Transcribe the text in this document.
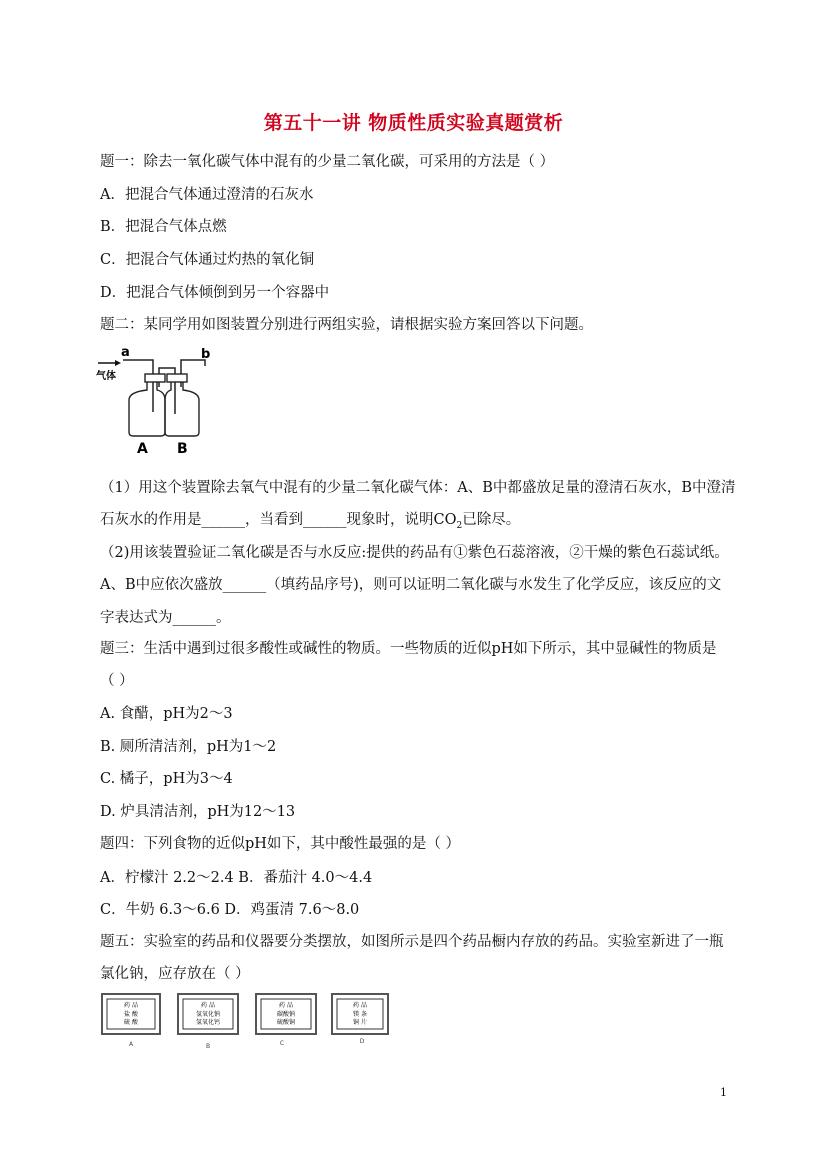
第五十一讲 物质性质实验真题赏析
题一：除去一氧化碳气体中混有的少量二氧化碳，可采用的方法是（ ）
A．把混合气体通过澄清的石灰水
B．把混合气体点燃
C．把混合气体通过灼热的氧化铜
D．把混合气体倾倒到另一个容器中
题二：某同学用如图装置分别进行两组实验，请根据实验方案回答以下问题。
气体
a	b
A B
（1）用这个装置除去氧气中混有的少量二氧化碳气体：A、B中都盛放足量的澄清石灰水，B中澄清
石灰水的作用是______，当看到______现象时，说明$CO_2$已除尽。
（2)用该装置验证二氧化碳是否与水反应:提供的药品有①紫色石蕊溶液，②干燥的紫色石蕊试纸。
A、B中应依次盛放______（填药品序号)，则可以证明二氧化碳与水发生了化学反应，该反应的文
字表达式为______。
题三：生活中遇到过很多酸性或碱性的物质。一些物质的近似pH如下所示，其中显碱性的物质是
（ ）
A. 食醋，pH为2～3
B. 厕所清洁剂，pH为1～2
C. 橘子，pH为3～4
D. 炉具清洁剂，pH为12～13
题四：下列食物的近似pH如下，其中酸性最强的是（ ）
A．柠檬汁 2.2～2.4 B．番茄汁 4.0～4.4
C．牛奶 6.3～6.6 D．鸡蛋清 7.6～8.0
题五：实验室的药品和仪器要分类摆放，如图所示是四个药品橱内存放的药品。实验室新进了一瓶
氯化钠，应存放在（ ）
药 品
盐 酸
硫 酸
A
药 品
氢氧化钠
氢氧化钙
B
药 品
碳酸钠
硫酸铜
C
药 品
镁 条
铜 片
D
1
